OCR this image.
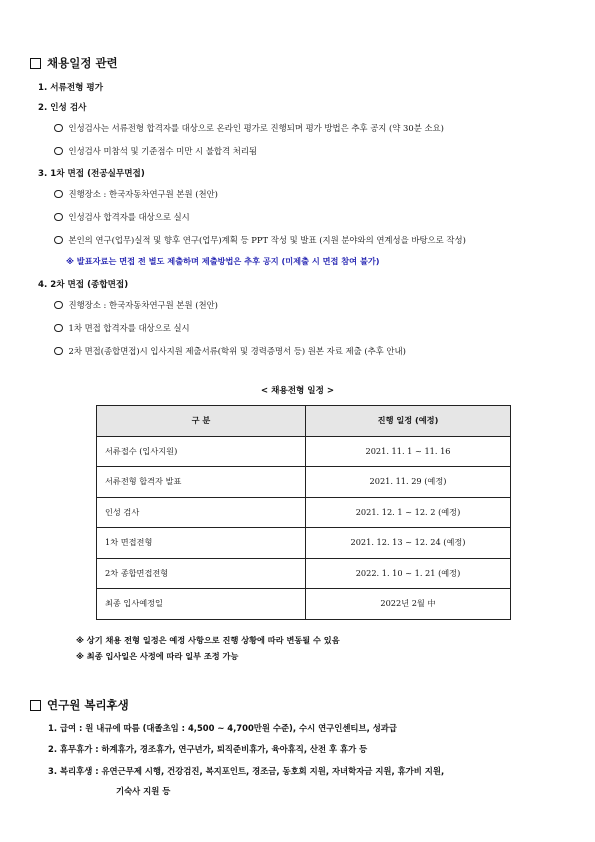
채용일정 관련
1. 서류전형 평가
2. 인성 검사
인성검사는 서류전형 합격자를 대상으로 온라인 평가로 진행되며 평가 방법은 추후 공지 (약 30분 소요)
인성검사 미참석 및 기준점수 미만 시 불합격 처리됨
3. 1차 면접 (전공실무면접)
진행장소 : 한국자동차연구원 본원 (천안)
인성검사 합격자를 대상으로 실시
본인의 연구(업무)실적 및 향후 연구(업무)계획 등 PPT 작성 및 발표 (지원 분야와의 연계성을 바탕으로 작성)
※ 발표자료는 면접 전 별도 제출하며 제출방법은 추후 공지 (미제출 시 면접 참여 불가)
4. 2차 면접 (종합면접)
진행장소 : 한국자동차연구원 본원 (천안)
1차 면접 합격자를 대상으로 실시
2차 면접(종합면접)시 입사지원 제출서류(학위 및 경력증명서 등) 원본 자료 제출 (추후 안내)
< 채용전형 일정 >
구 분	진행 일정 (예정)
서류접수 (입사지원)	2021. 11. 1 ~ 11. 16
서류전형 합격자 발표	2021. 11. 29 (예정)
인성 검사	2021. 12. 1 ~ 12. 2 (예정)
1차 면접전형	2021. 12. 13 ~ 12. 24 (예정)
2차 종합면접전형	2022. 1. 10 ~ 1. 21 (예정)
최종 입사예정일	2022년 2월 中
※ 상기 채용 전형 일정은 예정 사항으로 진행 상황에 따라 변동될 수 있음
※ 최종 입사일은 사정에 따라 일부 조정 가능
연구원 복리후생
1. 급여 : 원 내규에 따름 (대졸초임 : 4,500 ~ 4,700만원 수준), 수시 연구인센티브, 성과급
2. 휴무휴가 : 하계휴가, 경조휴가, 연구년가, 퇴직준비휴가, 육아휴직, 산전 후 휴가 등
3. 복리후생 : 유연근무제 시행, 건강검진, 복지포인트, 경조금, 동호회 지원, 자녀학자금 지원, 휴가비 지원,
기숙사 지원 등
